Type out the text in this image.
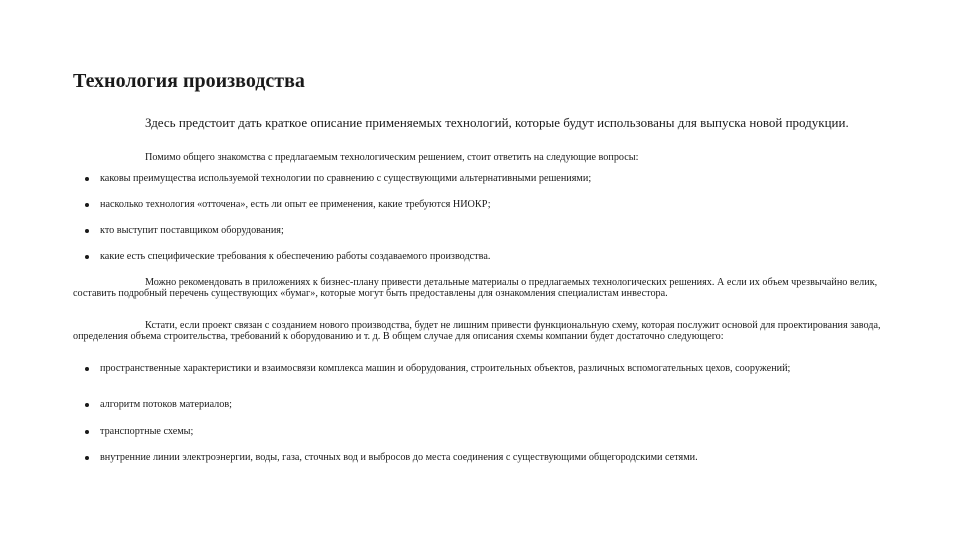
Технология производства

Здесь предстоит дать краткое описание применяемых технологий, которые будут использованы для выпуска новой продукции.

Помимо общего знакомства с предлагаемым технологическим решением, стоит ответить на следующие вопросы:

каковы преимущества используемой технологии по сравнению с существующими альтернативными решениями;

насколько технология «отточена», есть ли опыт ее применения, какие требуются НИОКР;

кто выступит поставщиком оборудования;

какие есть специфические требования к обеспечению работы создаваемого производства.

Можно рекомендовать в приложениях к бизнес-плану привести детальные материалы о предлагаемых технологических решениях. А если их объем чрезвычайно велик, составить подробный перечень существующих «бумаг», которые могут быть предоставлены для ознакомления специалистам инвестора.

Кстати, если проект связан с созданием нового производства, будет не лишним привести функциональную схему, которая послужит основой для проектирования завода, определения объема строительства, требований к оборудованию и т. д. В общем случае для описания схемы компании будет достаточно следующего:

пространственные характеристики и взаимосвязи комплекса машин и оборудования, строительных объектов, различных вспомогательных цехов, сооружений;

алгоритм потоков материалов;

транспортные схемы;

внутренние линии электроэнергии, воды, газа, сточных вод и выбросов до места соединения с существующими общегородскими сетями.
